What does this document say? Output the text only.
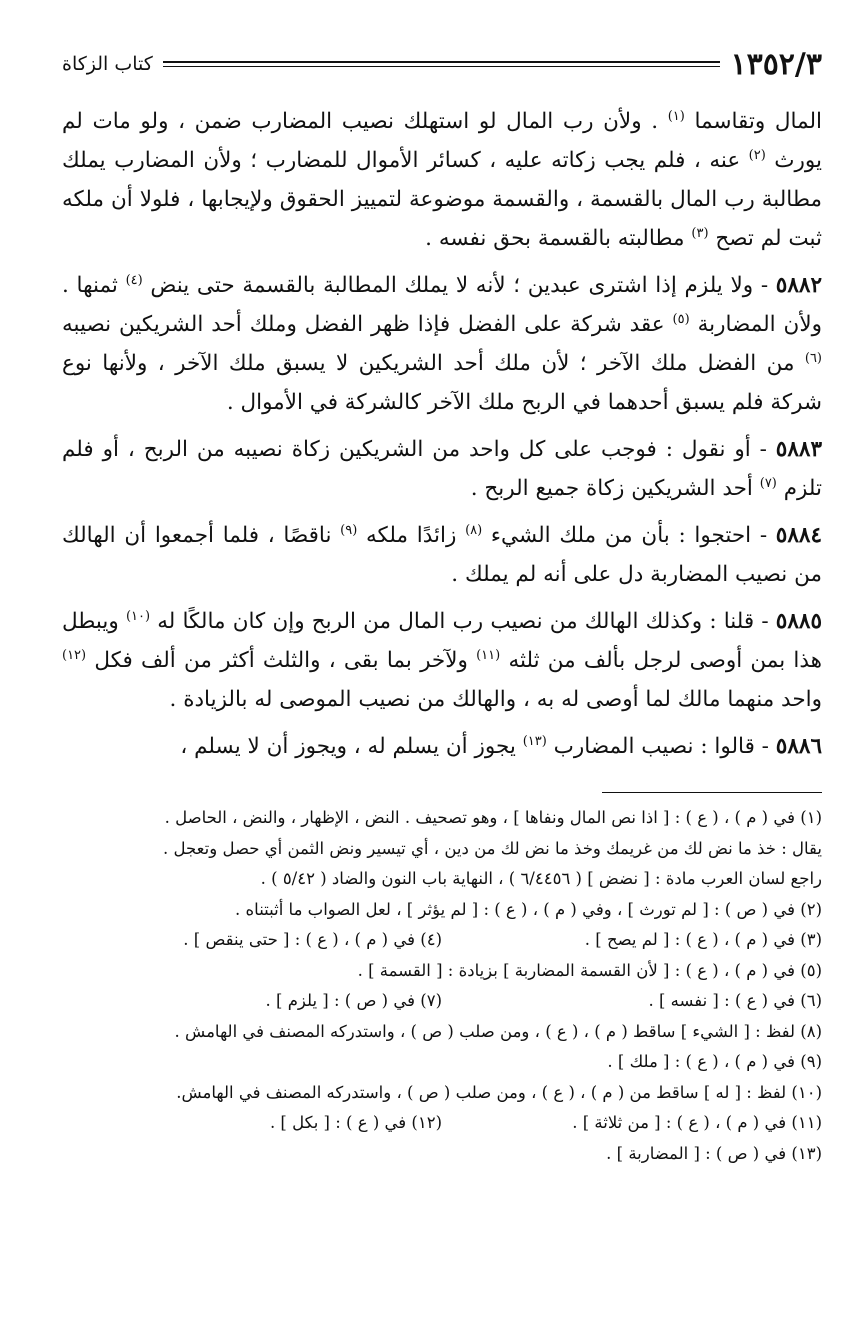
١٣٥٢/٣
كتاب الزكاة

المال وتقاسما $^{(١)}$ . ولأن رب المال لو استهلك نصيب المضارب ضمن ، ولو مات لم يورث $^{(٢)}$ عنه ، فلم يجب زكاته عليه ، كسائر الأموال للمضارب ؛ ولأن المضارب يملك مطالبة رب المال بالقسمة ، والقسمة موضوعة لتمييز الحقوق ولإيجابها ، فلولا أن ملكه ثبت لم تصح $^{(٣)}$ مطالبته بالقسمة بحق نفسه .

٥٨٨٢ - ولا يلزم إذا اشترى عبدين ؛ لأنه لا يملك المطالبة بالقسمة حتى ينض $^{(٤)}$ ثمنها . ولأن المضاربة $^{(٥)}$ عقد شركة على الفضل فإذا ظهر الفضل وملك أحد الشريكين نصيبه $^{(٦)}$ من الفضل ملك الآخر ؛ لأن ملك أحد الشريكين لا يسبق ملك الآخر ، ولأنها نوع شركة فلم يسبق أحدهما في الربح ملك الآخر كالشركة في الأموال .

٥٨٨٣ - أو نقول : فوجب على كل واحد من الشريكين زكاة نصيبه من الربح ، أو فلم تلزم $^{(٧)}$ أحد الشريكين زكاة جميع الربح .

٥٨٨٤ - احتجوا : بأن من ملك الشيء $^{(٨)}$ زائدًا ملكه $^{(٩)}$ ناقصًا ، فلما أجمعوا أن الهالك من نصيب المضاربة دل على أنه لم يملك .

٥٨٨٥ - قلنا : وكذلك الهالك من نصيب رب المال من الربح وإن كان مالكًا له $^{(١٠)}$ ويبطل هذا بمن أوصى لرجل بألف من ثلثه $^{(١١)}$ ولآخر بما بقى ، والثلث أكثر من ألف فكل $^{(١٢)}$ واحد منهما مالك لما أوصى له به ، والهالك من نصيب الموصى له بالزيادة .

٥٨٨٦ - قالوا : نصيب المضارب $^{(١٣)}$ يجوز أن يسلم له ، ويجوز أن لا يسلم ،

(١) في ( م ) ، ( ع ) : [ اذا نص المال ونفاها ] ، وهو تصحيف . النض ، الإظهار ، والنض ، الحاصل .

يقال : خذ ما نض لك من غريمك وخذ ما نض لك من دين ، أي تيسير ونض الثمن أي حصل وتعجل .

راجع لسان العرب مادة : [ نضض ] ( ٦/٤٤٥٦ ) ، النهاية باب النون والضاد ( ٥/٤٢ ) .

(٢) في ( ص ) : [ لم تورث ] ، وفي ( م ) ، ( ع ) : [ لم يؤثر ] ، لعل الصواب ما أثبتناه .

(٣) في ( م ) ، ( ع ) : [ لم يصح ] .
(٤) في ( م ) ، ( ع ) : [ حتى ينقص ] .

(٥) في ( م ) ، ( ع ) : [ لأن القسمة المضاربة ] بزيادة : [ القسمة ] .

(٦) في ( ع ) : [ نفسه ] .
(٧) في ( ص ) : [ يلزم ] .

(٨) لفظ : [ الشيء ] ساقط ( م ) ، ( ع ) ، ومن صلب ( ص ) ، واستدركه المصنف في الهامش .

(٩) في ( م ) ، ( ع ) : [ ملك ] .

(١٠) لفظ : [ له ] ساقط من ( م ) ، ( ع ) ، ومن صلب ( ص ) ، واستدركه المصنف في الهامش.

(١١) في ( م ) ، ( ع ) : [ من ثلاثة ] .
(١٢) في ( ع ) : [ بكل ] .

(١٣) في ( ص ) : [ المضاربة ] .
